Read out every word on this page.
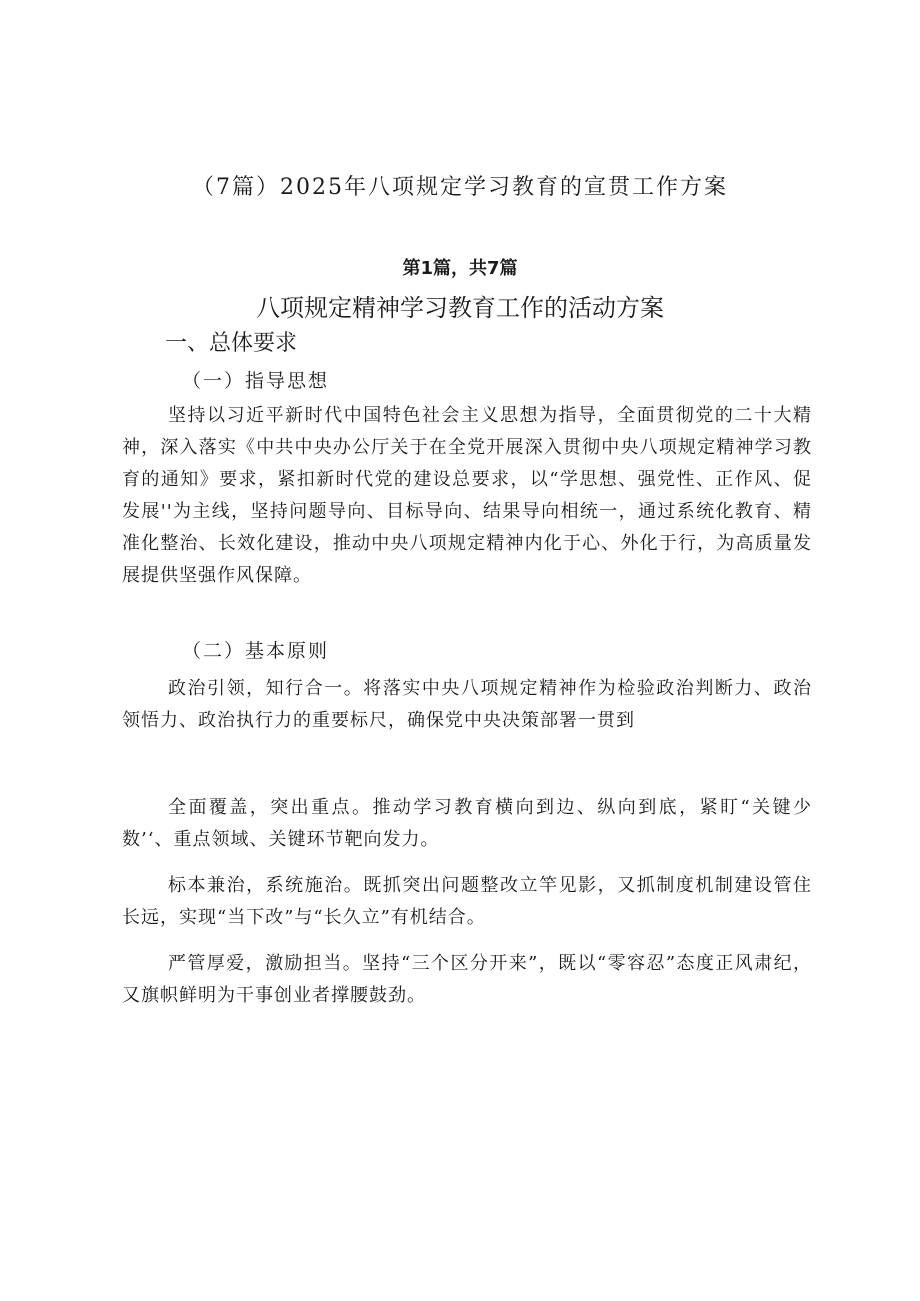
（7篇）2025年八项规定学习教育的宣贯工作方案
第1篇，共7篇
八项规定精神学习教育工作的活动方案
一、总体要求
（一）指导思想
坚持以习近平新时代中国特色社会主义思想为指导，全面贯彻党的二十大精神，深入落实《中共中央办公厅关于在全党开展深入贯彻中央八项规定精神学习教育的通知》要求，紧扣新时代党的建设总要求，以“学思想、强党性、正作风、促发展''为主线，坚持问题导向、目标导向、结果导向相统一，通过系统化教育、精准化整治、长效化建设，推动中央八项规定精神内化于心、外化于行，为高质量发展提供坚强作风保障。
（二）基本原则
政治引领，知行合一。将落实中央八项规定精神作为检验政治判断力、政治领悟力、政治执行力的重要标尺，确保党中央决策部署一贯到
全面覆盖，突出重点。推动学习教育横向到边、纵向到底，紧盯“关键少数’‘、重点领域、关键环节靶向发力。
标本兼治，系统施治。既抓突出问题整改立竿见影，又抓制度机制建设管住长远，实现“当下改”与“长久立”有机结合。
严管厚爱，激励担当。坚持“三个区分开来”，既以“零容忍”态度正风肃纪，又旗帜鲜明为干事创业者撑腰鼓劲。
